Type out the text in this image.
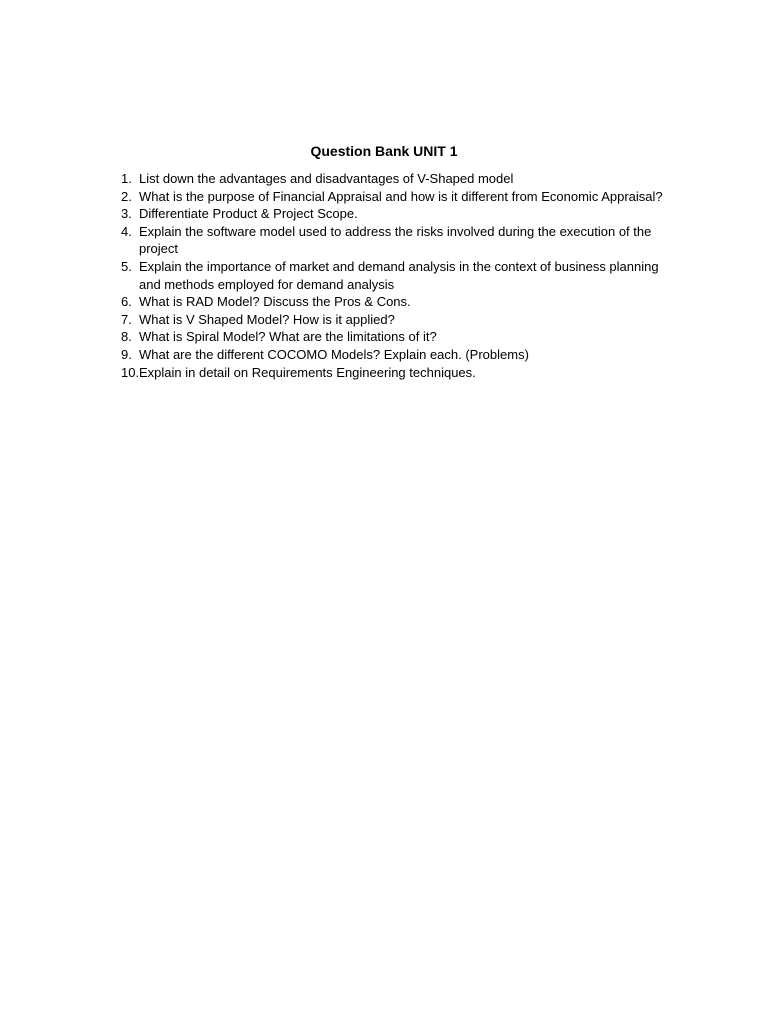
Question Bank UNIT 1
1. List down the advantages and disadvantages of V-Shaped model
2. What is the purpose of Financial Appraisal and how is it different from Economic Appraisal?
3. Differentiate Product & Project Scope.
4. Explain the software model used to address the risks involved during the execution of the project
5. Explain the importance of market and demand analysis in the context of business planning and methods employed for demand analysis
6. What is RAD Model? Discuss the Pros & Cons.
7. What is V Shaped Model? How is it applied?
8. What is Spiral Model? What are the limitations of it?
9. What are the different COCOMO Models? Explain each. (Problems)
10. Explain in detail on Requirements Engineering techniques.
